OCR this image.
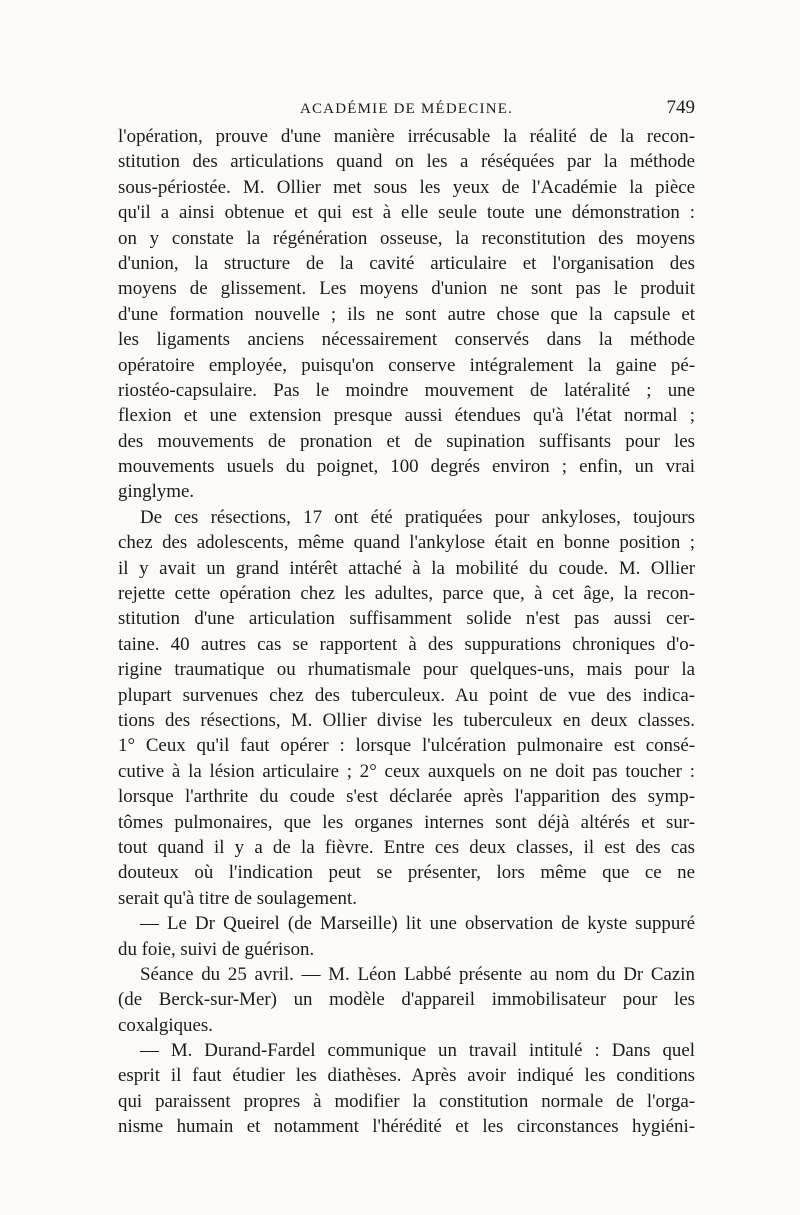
ACADÉMIE DE MÉDECINE.	749
l'opération, prouve d'une manière irrécusable la réalité de la recon-
stitution des articulations quand on les a réséquées par la méthode
sous-périostée. M. Ollier met sous les yeux de l'Académie la pièce
qu'il a ainsi obtenue et qui est à elle seule toute une démonstration :
on y constate la régénération osseuse, la reconstitution des moyens
d'union, la structure de la cavité articulaire et l'organisation des
moyens de glissement. Les moyens d'union ne sont pas le produit
d'une formation nouvelle ; ils ne sont autre chose que la capsule et
les ligaments anciens nécessairement conservés dans la méthode
opératoire employée, puisqu'on conserve intégralement la gaine pé-
riostéo-capsulaire. Pas le moindre mouvement de latéralité ; une
flexion et une extension presque aussi étendues qu'à l'état normal ;
des mouvements de pronation et de supination suffisants pour les
mouvements usuels du poignet, 100 degrés environ ; enfin, un vrai
ginglyme.
De ces résections, 17 ont été pratiquées pour ankyloses, toujours
chez des adolescents, même quand l'ankylose était en bonne position ;
il y avait un grand intérêt attaché à la mobilité du coude. M. Ollier
rejette cette opération chez les adultes, parce que, à cet âge, la recon-
stitution d'une articulation suffisamment solide n'est pas aussi cer-
taine. 40 autres cas se rapportent à des suppurations chroniques d'o-
rigine traumatique ou rhumatismale pour quelques-uns, mais pour la
plupart survenues chez des tuberculeux. Au point de vue des indica-
tions des résections, M. Ollier divise les tuberculeux en deux classes.
1° Ceux qu'il faut opérer : lorsque l'ulcération pulmonaire est consé-
cutive à la lésion articulaire ; 2° ceux auxquels on ne doit pas toucher :
lorsque l'arthrite du coude s'est déclarée après l'apparition des symp-
tômes pulmonaires, que les organes internes sont déjà altérés et sur-
tout quand il y a de la fièvre. Entre ces deux classes, il est des cas
douteux où l'indication peut se présenter, lors même que ce ne
serait qu'à titre de soulagement.
— Le Dr Queirel (de Marseille) lit une observation de kyste suppuré
du foie, suivi de guérison.
Séance du 25 avril. — M. Léon Labbé présente au nom du Dr Cazin
(de Berck-sur-Mer) un modèle d'appareil immobilisateur pour les
coxalgiques.
— M. Durand-Fardel communique un travail intitulé : Dans quel
esprit il faut étudier les diathèses. Après avoir indiqué les conditions
qui paraissent propres à modifier la constitution normale de l'orga-
nisme humain et notamment l'hérédité et les circonstances hygiéni-
